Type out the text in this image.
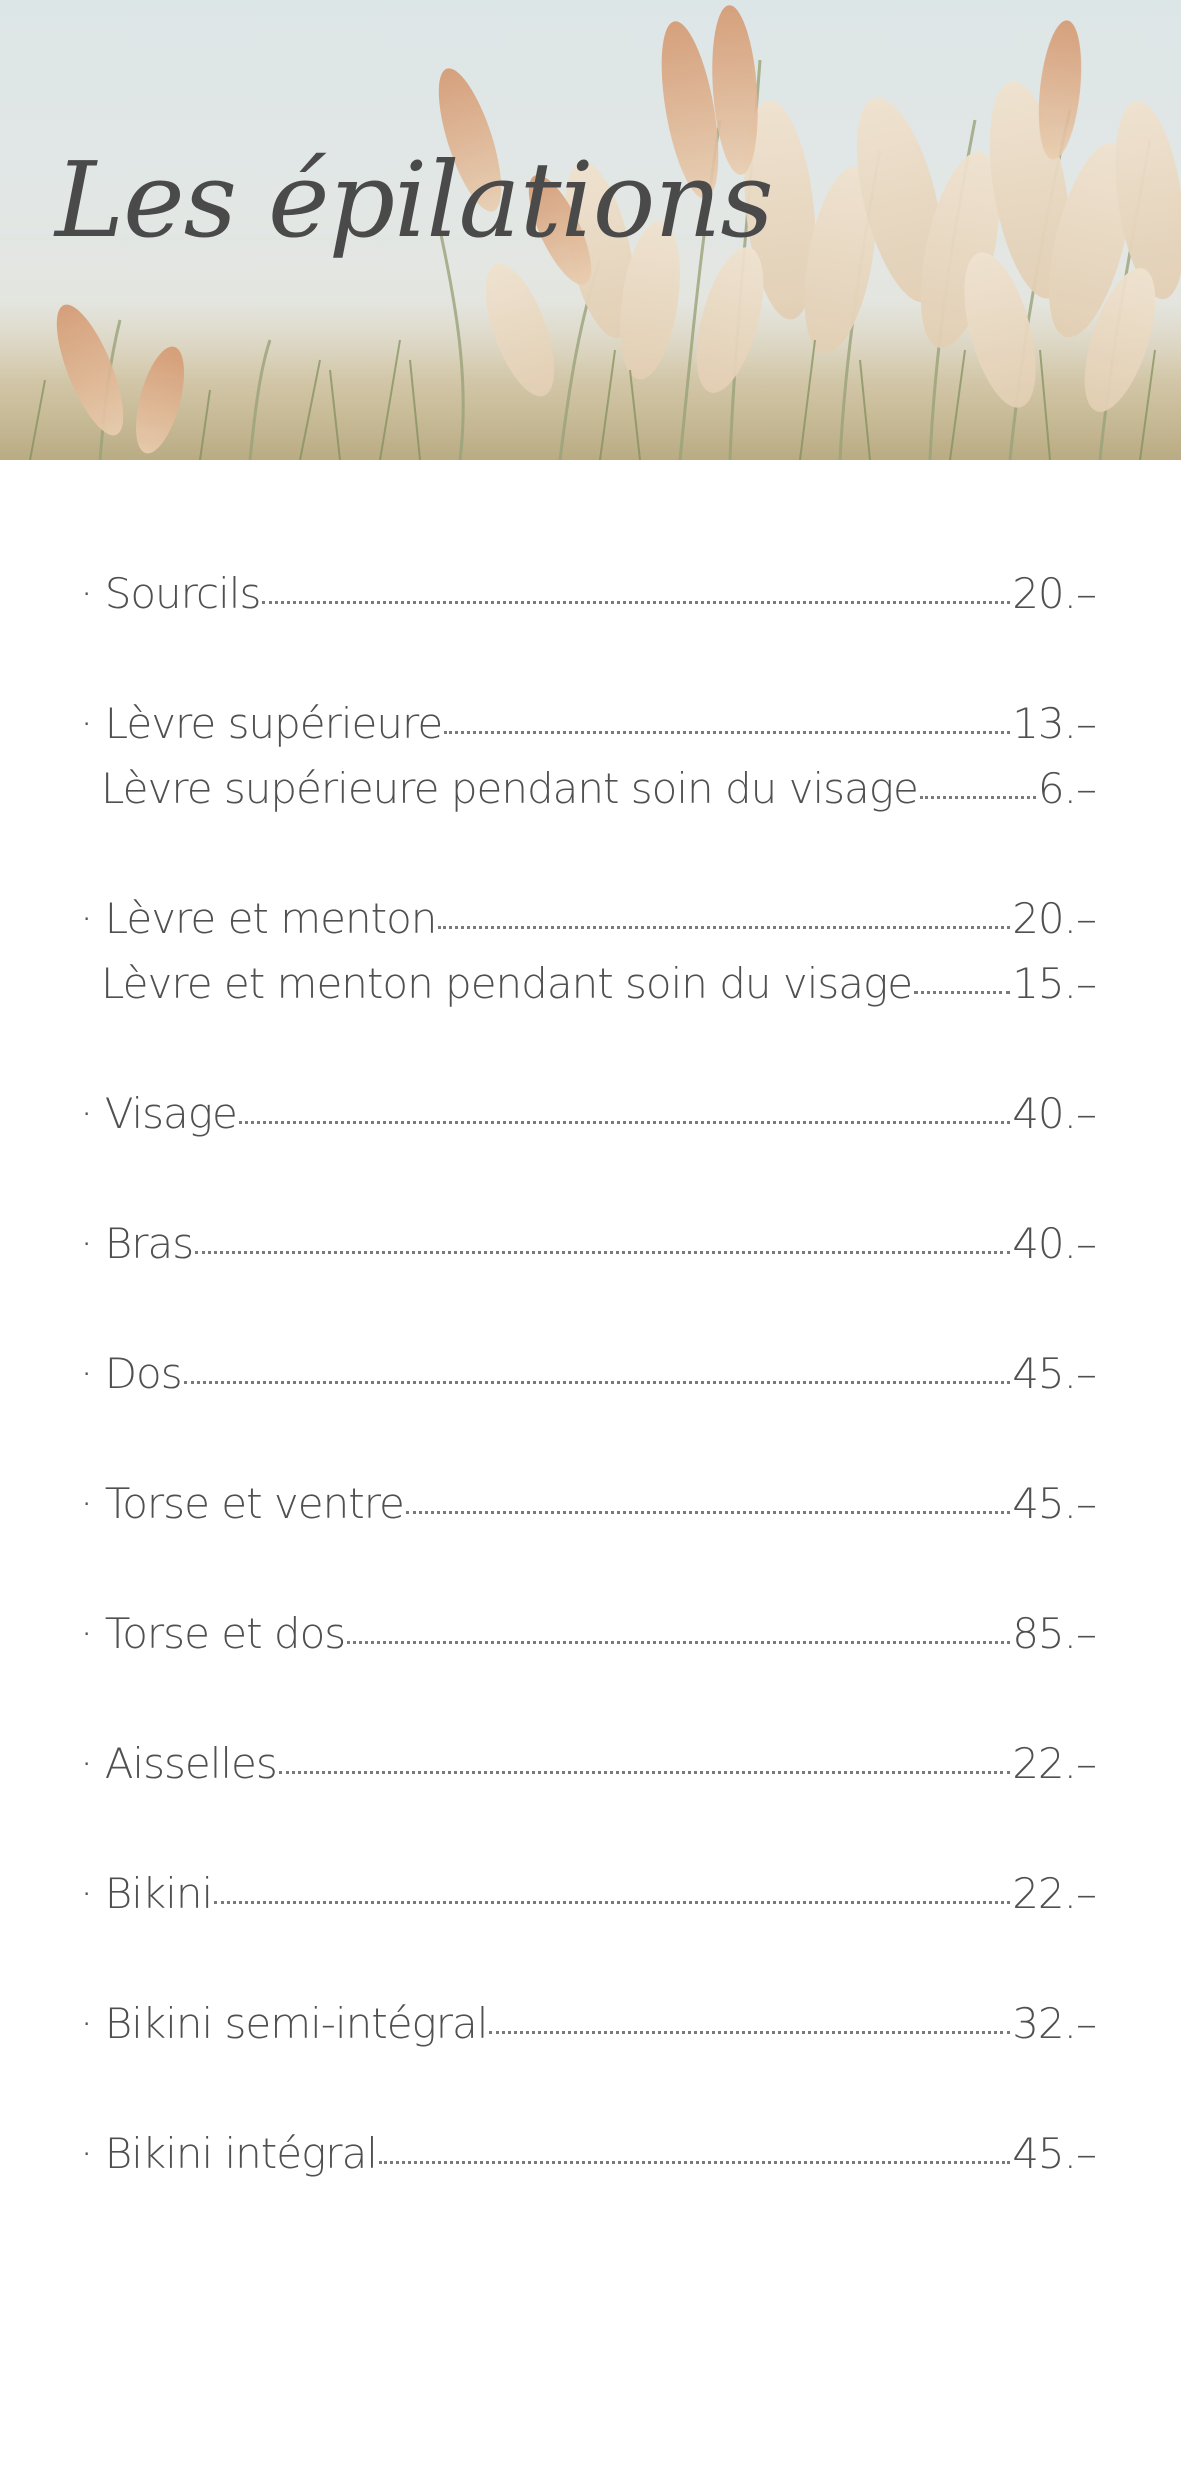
Les épilations
· Sourcils	20.–
· Lèvre supérieure	13.–
Lèvre supérieure pendant soin du visage	6.–
· Lèvre et menton	20.–
Lèvre et menton pendant soin du visage 15.–
· Visage	40.–
· Bras	40.–
· Dos	45.–
· Torse et ventre	45.–
· Torse et dos	85.–
· Aisselles	22.–
· Bikini	22.–
· Bikini semi-intégral	32.–
· Bikini intégral	45.–
